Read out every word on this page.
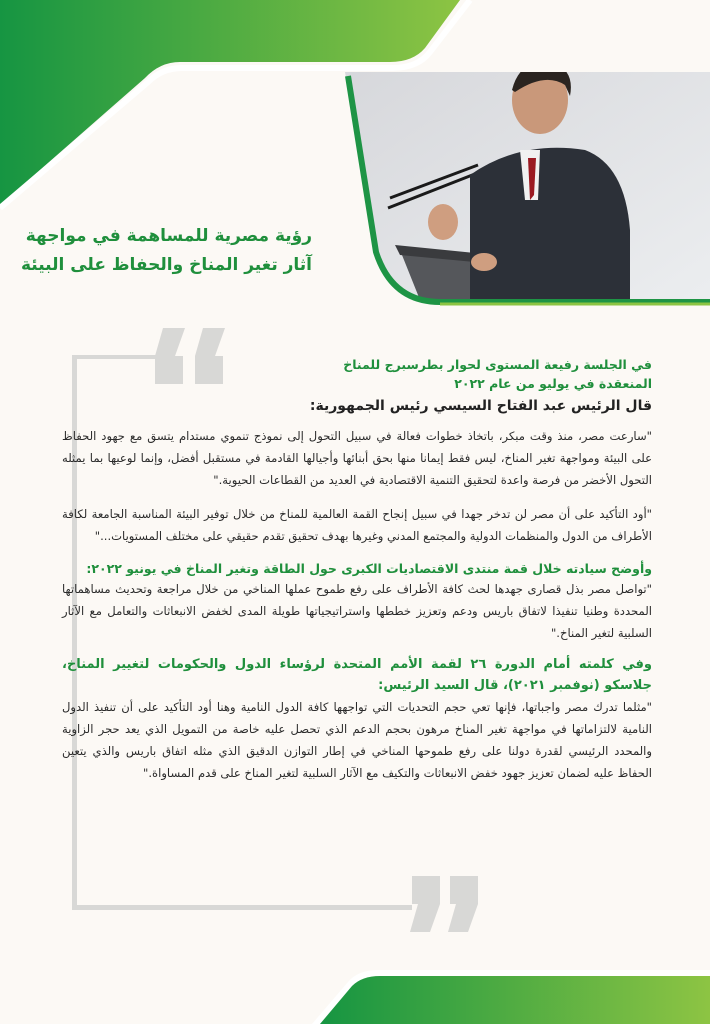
رؤية مصرية للمساهمة في مواجهة
آثار تغير المناخ والحفاظ على البيئة

في الجلسة رفيعة المستوى لحوار بطرسبرج للمناخ

المنعقدة في يوليو من عام ٢٠٢٢

قال الرئيس عبد الفتاح السيسي رئيس الجمهورية:

"سارعت مصر، منذ وقت مبكر، باتخاذ خطوات فعالة في سبيل التحول إلى نموذج تنموي مستدام يتسق مع جهود الحفاظ على البيئة ومواجهة تغير المناخ، ليس فقط إيمانا منها بحق أبنائها وأجيالها القادمة في مستقبل أفضل، وإنما لوعيها بما يمثله التحول الأخضر من فرصة واعدة لتحقيق التنمية الاقتصادية في العديد من القطاعات الحيوية."

"أود التأكيد على أن مصر لن تدخر جهدا في سبيل إنجاح القمة العالمية للمناخ من خلال توفير البيئة المناسبة الجامعة لكافة الأطراف من الدول والمنظمات الدولية والمجتمع المدني وغيرها بهدف تحقيق تقدم حقيقي على مختلف المستويات..."

وأوضح سيادته خلال قمة منتدى الاقتصاديات الكبرى حول الطاقة وتغير المناخ في يونيو ٢٠٢٢:

"تواصل مصر بذل قصارى جهدها لحث كافة الأطراف على رفع طموح عملها المناخي من خلال مراجعة وتحديث مساهماتها المحددة وطنيا تنفيذا لاتفاق باريس ودعم وتعزيز خططها واستراتيجياتها طويلة المدى لخفض الانبعاثات والتعامل مع الآثار السلبية لتغير المناخ."

وفي كلمته أمام الدورة ٢٦ لقمة الأمم المتحدة لرؤساء الدول والحكومات لتغيير المناخ، جلاسكو (نوفمبر ٢٠٢١)، قال السيد الرئيس:

"مثلما تدرك مصر واجباتها، فإنها تعي حجم التحديات التي تواجهها كافة الدول النامية وهنا أود التأكيد على أن تنفيذ الدول النامية لالتزاماتها في مواجهة تغير المناخ مرهون بحجم الدعم الذي تحصل عليه خاصة من التمويل الذي يعد حجر الزاوية والمحدد الرئيسي لقدرة دولنا على رفع طموحها المناخي في إطار التوازن الدقيق الذي مثله اتفاق باريس والذي يتعين الحفاظ عليه لضمان تعزيز جهود خفض الانبعاثات والتكيف مع الآثار السلبية لتغير المناخ على قدم المساواة."
